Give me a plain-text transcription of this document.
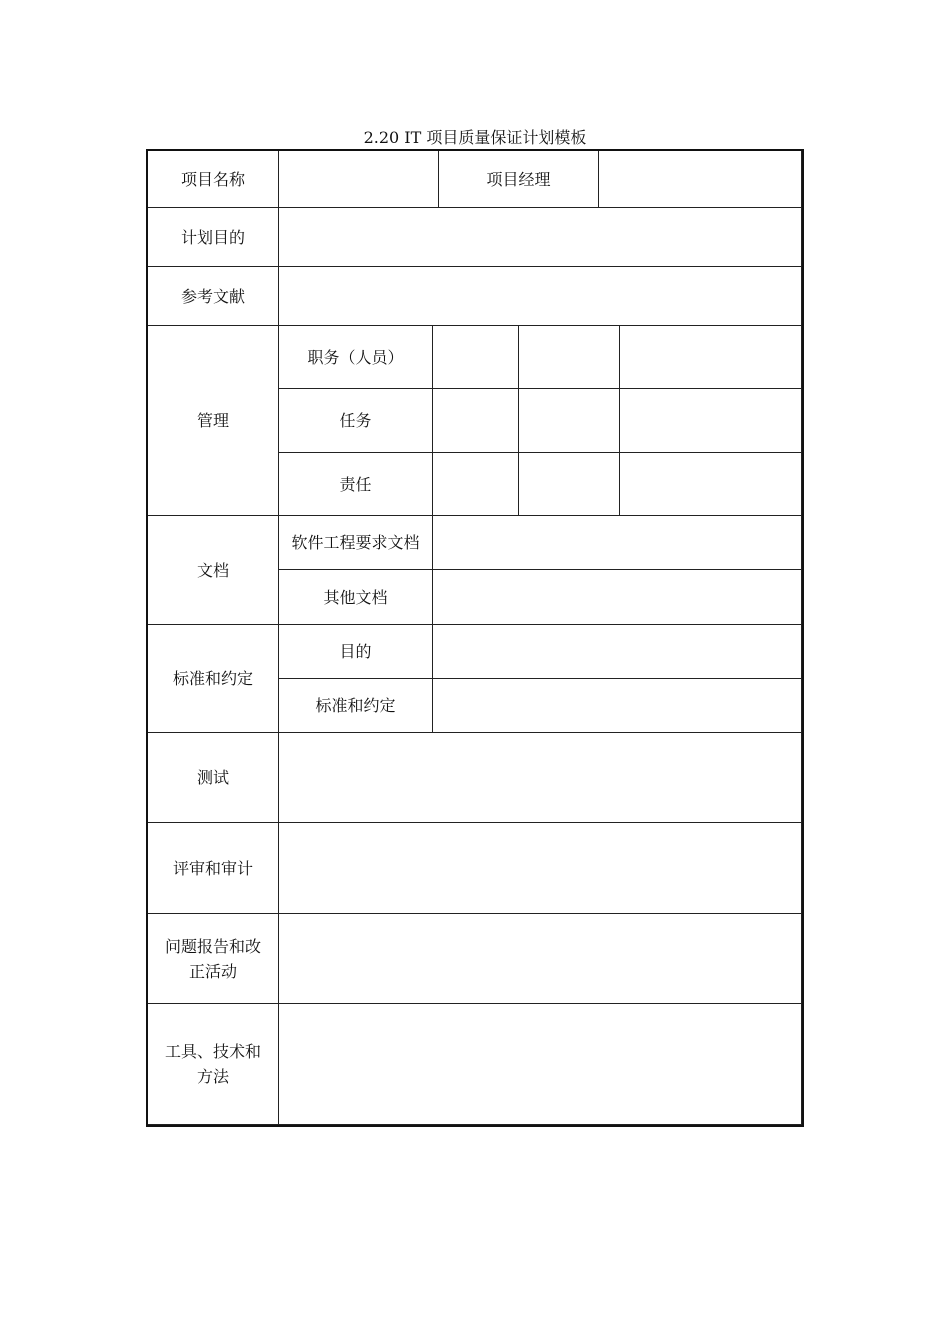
2.20 IT 项目质量保证计划模板
项目名称	项目经理
计划目的
参考文献
管理
职务（人员）
任务
责任
文档
软件工程要求文档
其他文档
标准和约定
目的
标准和约定
测试
评审和审计
问题报告和改正活动
工具、技术和方法
